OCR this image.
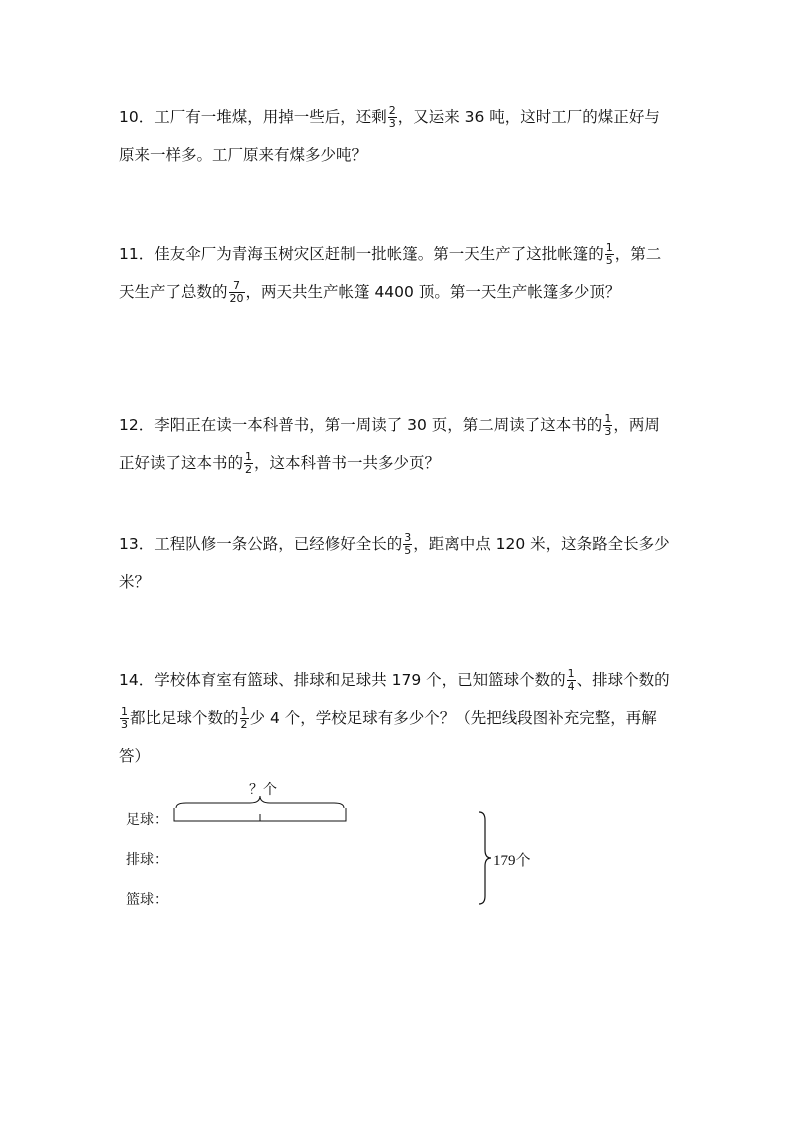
10．工厂有一堆煤，用掉一些后，还剩 $\frac{2}{3}$ ，又运来 36 吨，这时工厂的煤正好与
原来一样多。工厂原来有煤多少吨？
11．佳友伞厂为青海玉树灾区赶制一批帐篷。第一天生产了这批帐篷的 $\frac{1}{5}$ ，第二
天生产了总数的 $\frac{7}{20}$ ，两天共生产帐篷 4400 顶。第一天生产帐篷多少顶？
12．李阳正在读一本科普书，第一周读了 30 页，第二周读了这本书的 $\frac{1}{3}$ ，两周
正好读了这本书的 $\frac{1}{2}$ ，这本科普书一共多少页？
13．工程队修一条公路，已经修好全长的 $\frac{3}{5}$ ，距离中点 120 米，这条路全长多少
米？
14．学校体育室有篮球、排球和足球共 179 个，已知篮球个数的 $\frac{1}{4}$ 、排球个数的
$\frac{1}{3}$ 都比足球个数的 $\frac{1}{2}$ 少 4 个，学校足球有多少个？（先把线段图补充完整，再解
答）
？个
足球：
排球：
篮球：
179个
